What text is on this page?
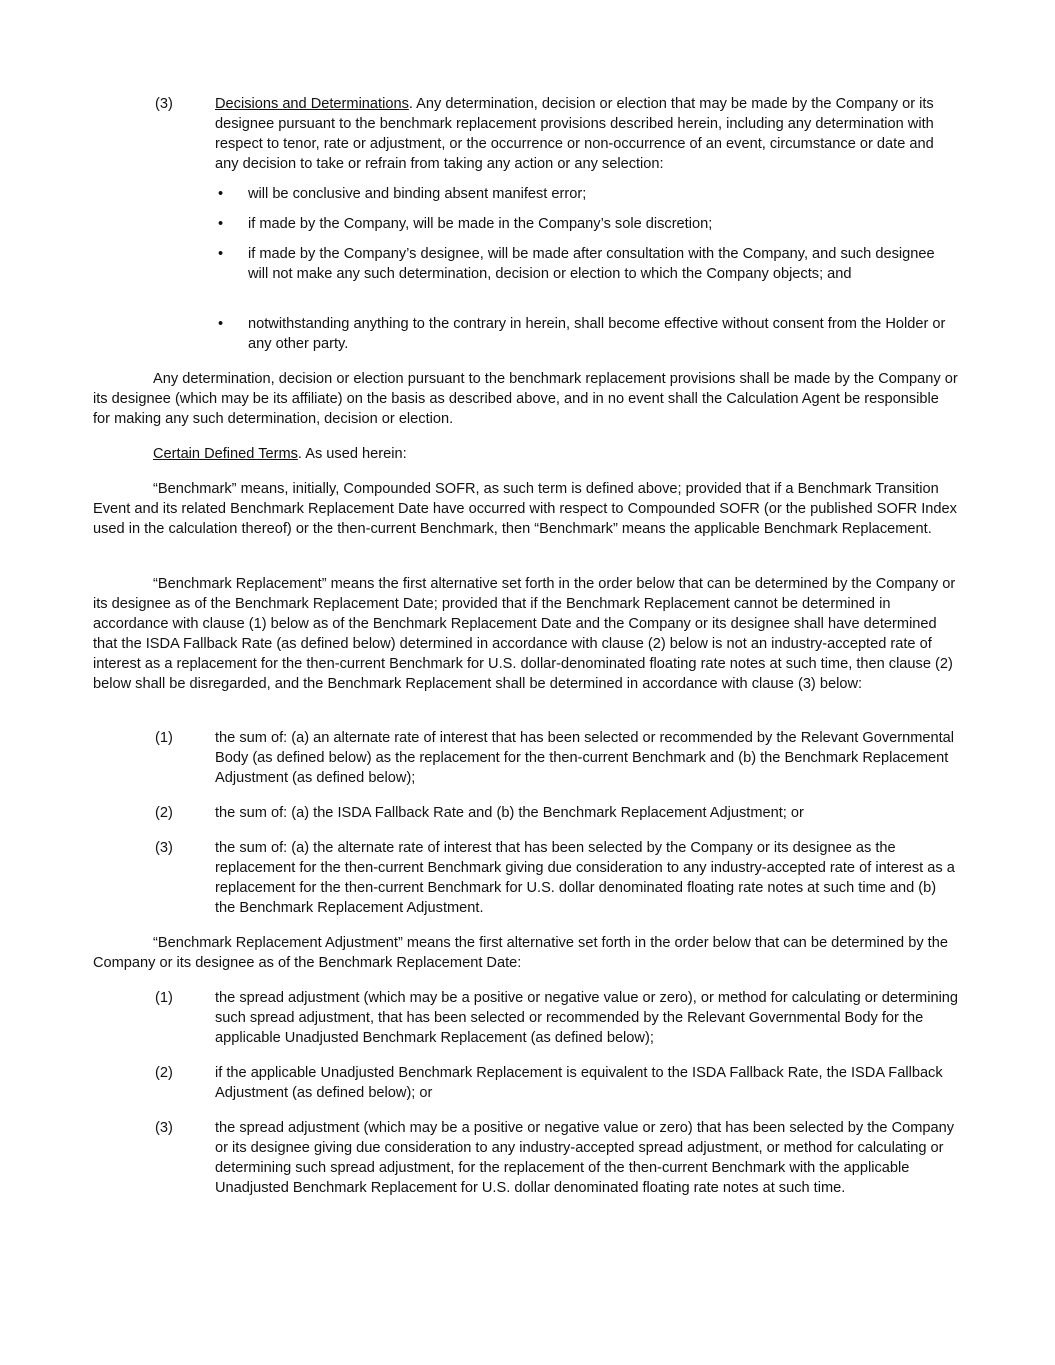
(3)	Decisions and Determinations. Any determination, decision or election that may be made by the Company or its designee pursuant to the benchmark replacement provisions described herein, including any determination with respect to tenor, rate or adjustment, or the occurrence or non-occurrence of an event, circumstance or date and any decision to take or refrain from taking any action or any selection:
• will be conclusive and binding absent manifest error;
• if made by the Company, will be made in the Company’s sole discretion;
• if made by the Company’s designee, will be made after consultation with the Company, and such designee will not make any such determination, decision or election to which the Company objects; and
• notwithstanding anything to the contrary in herein, shall become effective without consent from the Holder or any other party.
Any determination, decision or election pursuant to the benchmark replacement provisions shall be made by the Company or its designee (which may be its affiliate) on the basis as described above, and in no event shall the Calculation Agent be responsible for making any such determination, decision or election.
Certain Defined Terms. As used herein:
“Benchmark” means, initially, Compounded SOFR, as such term is defined above; provided that if a Benchmark Transition Event and its related Benchmark Replacement Date have occurred with respect to Compounded SOFR (or the published SOFR Index used in the calculation thereof) or the then-current Benchmark, then “Benchmark” means the applicable Benchmark Replacement.
“Benchmark Replacement” means the first alternative set forth in the order below that can be determined by the Company or its designee as of the Benchmark Replacement Date; provided that if the Benchmark Replacement cannot be determined in accordance with clause (1) below as of the Benchmark Replacement Date and the Company or its designee shall have determined that the ISDA Fallback Rate (as defined below) determined in accordance with clause (2) below is not an industry-accepted rate of interest as a replacement for the then-current Benchmark for U.S. dollar-denominated floating rate notes at such time, then clause (2) below shall be disregarded, and the Benchmark Replacement shall be determined in accordance with clause (3) below:
(1)	the sum of: (a) an alternate rate of interest that has been selected or recommended by the Relevant Governmental Body (as defined below) as the replacement for the then-current Benchmark and (b) the Benchmark Replacement Adjustment (as defined below);
(2)	the sum of: (a) the ISDA Fallback Rate and (b) the Benchmark Replacement Adjustment; or
(3)	the sum of: (a) the alternate rate of interest that has been selected by the Company or its designee as the replacement for the then-current Benchmark giving due consideration to any industry-accepted rate of interest as a replacement for the then-current Benchmark for U.S. dollar denominated floating rate notes at such time and (b) the Benchmark Replacement Adjustment.
“Benchmark Replacement Adjustment” means the first alternative set forth in the order below that can be determined by the Company or its designee as of the Benchmark Replacement Date:
(1)	the spread adjustment (which may be a positive or negative value or zero), or method for calculating or determining such spread adjustment, that has been selected or recommended by the Relevant Governmental Body for the applicable Unadjusted Benchmark Replacement (as defined below);
(2)	if the applicable Unadjusted Benchmark Replacement is equivalent to the ISDA Fallback Rate, the ISDA Fallback Adjustment (as defined below); or
(3)	the spread adjustment (which may be a positive or negative value or zero) that has been selected by the Company or its designee giving due consideration to any industry-accepted spread adjustment, or method for calculating or determining such spread adjustment, for the replacement of the then-current Benchmark with the applicable Unadjusted Benchmark Replacement for U.S. dollar denominated floating rate notes at such time.
